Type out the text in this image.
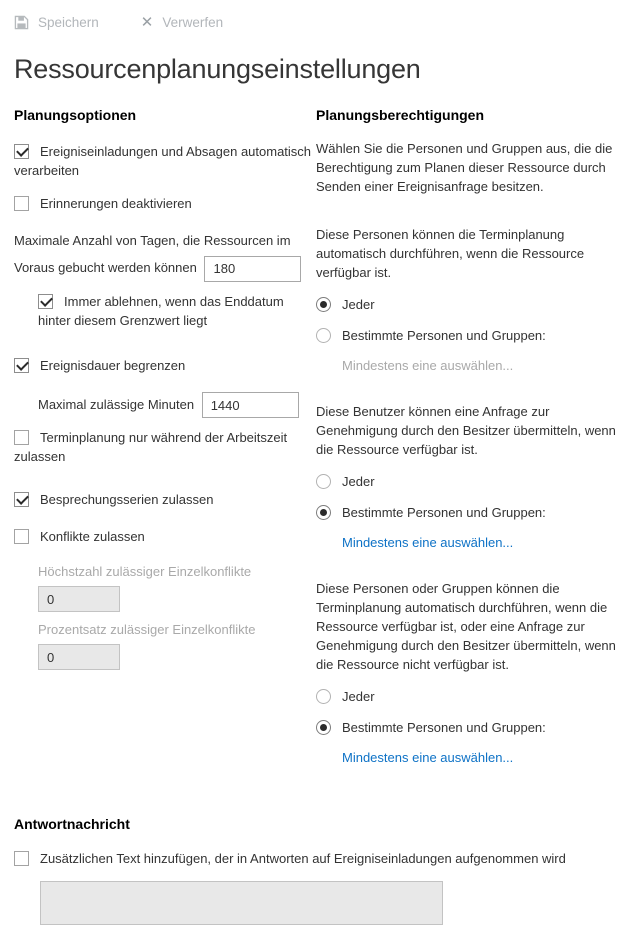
Speichern	✕ Verwerfen
Ressourcenplanungseinstellungen
Planungsoptionen
Ereigniseinladungen und Absagen automatisch verarbeiten
Erinnerungen deaktivieren
Maximale Anzahl von Tagen, die Ressourcen im Voraus gebucht werden können 180
Immer ablehnen, wenn das Enddatum hinter diesem Grenzwert liegt
Ereignisdauer begrenzen
Maximal zulässige Minuten 1440
Terminplanung nur während der Arbeitszeit zulassen
Besprechungsserien zulassen
Konflikte zulassen
Höchstzahl zulässiger Einzelkonflikte
0
Prozentsatz zulässiger Einzelkonflikte
0
Planungsberechtigungen

Wählen Sie die Personen und Gruppen aus, die die Berechtigung zum Planen dieser Ressource durch Senden einer Ereignisanfrage besitzen.

Diese Personen können die Terminplanung automatisch durchführen, wenn die Ressource verfügbar ist.

Jeder
Bestimmte Personen und Gruppen:
Mindestens eine auswählen...

Diese Benutzer können eine Anfrage zur Genehmigung durch den Besitzer übermitteln, wenn die Ressource verfügbar ist.

Jeder
Bestimmte Personen und Gruppen:
Mindestens eine auswählen...

Diese Personen oder Gruppen können die Terminplanung automatisch durchführen, wenn die Ressource verfügbar ist, oder eine Anfrage zur Genehmigung durch den Besitzer übermitteln, wenn die Ressource nicht verfügbar ist.

Jeder
Bestimmte Personen und Gruppen:
Mindestens eine auswählen...
Antwortnachricht
Zusätzlichen Text hinzufügen, der in Antworten auf Ereigniseinladungen aufgenommen wird
